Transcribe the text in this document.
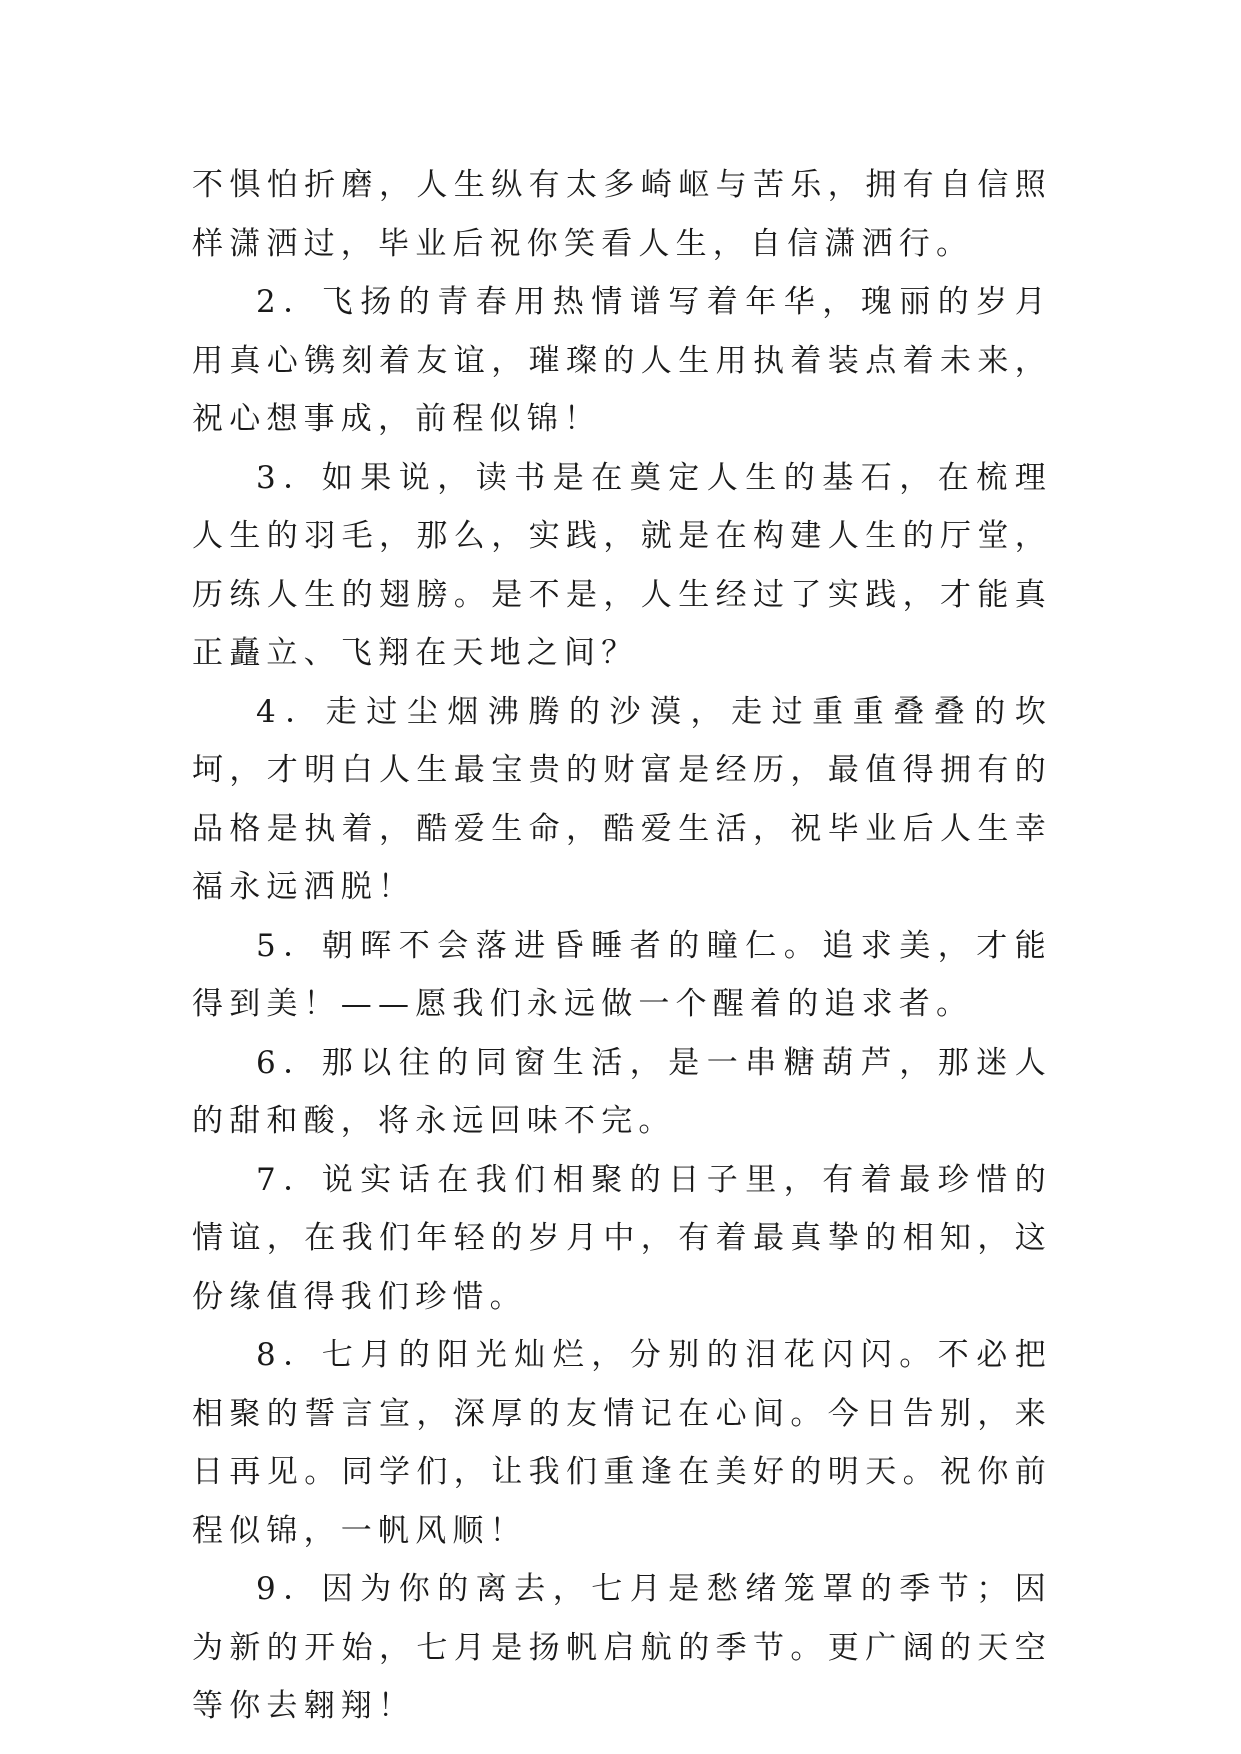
不惧怕折磨，人生纵有太多崎岖与苦乐，拥有自信照样潇洒过，毕业后祝你笑看人生，自信潇洒行。

2．飞扬的青春用热情谱写着年华，瑰丽的岁月用真心镌刻着友谊，璀璨的人生用执着装点着未来，祝心想事成，前程似锦！

3．如果说，读书是在奠定人生的基石，在梳理人生的羽毛，那么，实践，就是在构建人生的厅堂，历练人生的翅膀。是不是，人生经过了实践，才能真正矗立、飞翔在天地之间？

4．走过尘烟沸腾的沙漠，走过重重叠叠的坎坷，才明白人生最宝贵的财富是经历，最值得拥有的品格是执着，酷爱生命，酷爱生活，祝毕业后人生幸福永远洒脱！

5．朝晖不会落进昏睡者的瞳仁。追求美，才能得到美！——愿我们永远做一个醒着的追求者。

6．那以往的同窗生活，是一串糖葫芦，那迷人的甜和酸，将永远回味不完。

7．说实话在我们相聚的日子里，有着最珍惜的情谊，在我们年轻的岁月中，有着最真挚的相知，这份缘值得我们珍惜。

8．七月的阳光灿烂，分别的泪花闪闪。不必把相聚的誓言宣，深厚的友情记在心间。今日告别，来日再见。同学们，让我们重逢在美好的明天。祝你前程似锦，一帆风顺！

9．因为你的离去，七月是愁绪笼罩的季节；因为新的开始，七月是扬帆启航的季节。更广阔的天空等你去翱翔！
